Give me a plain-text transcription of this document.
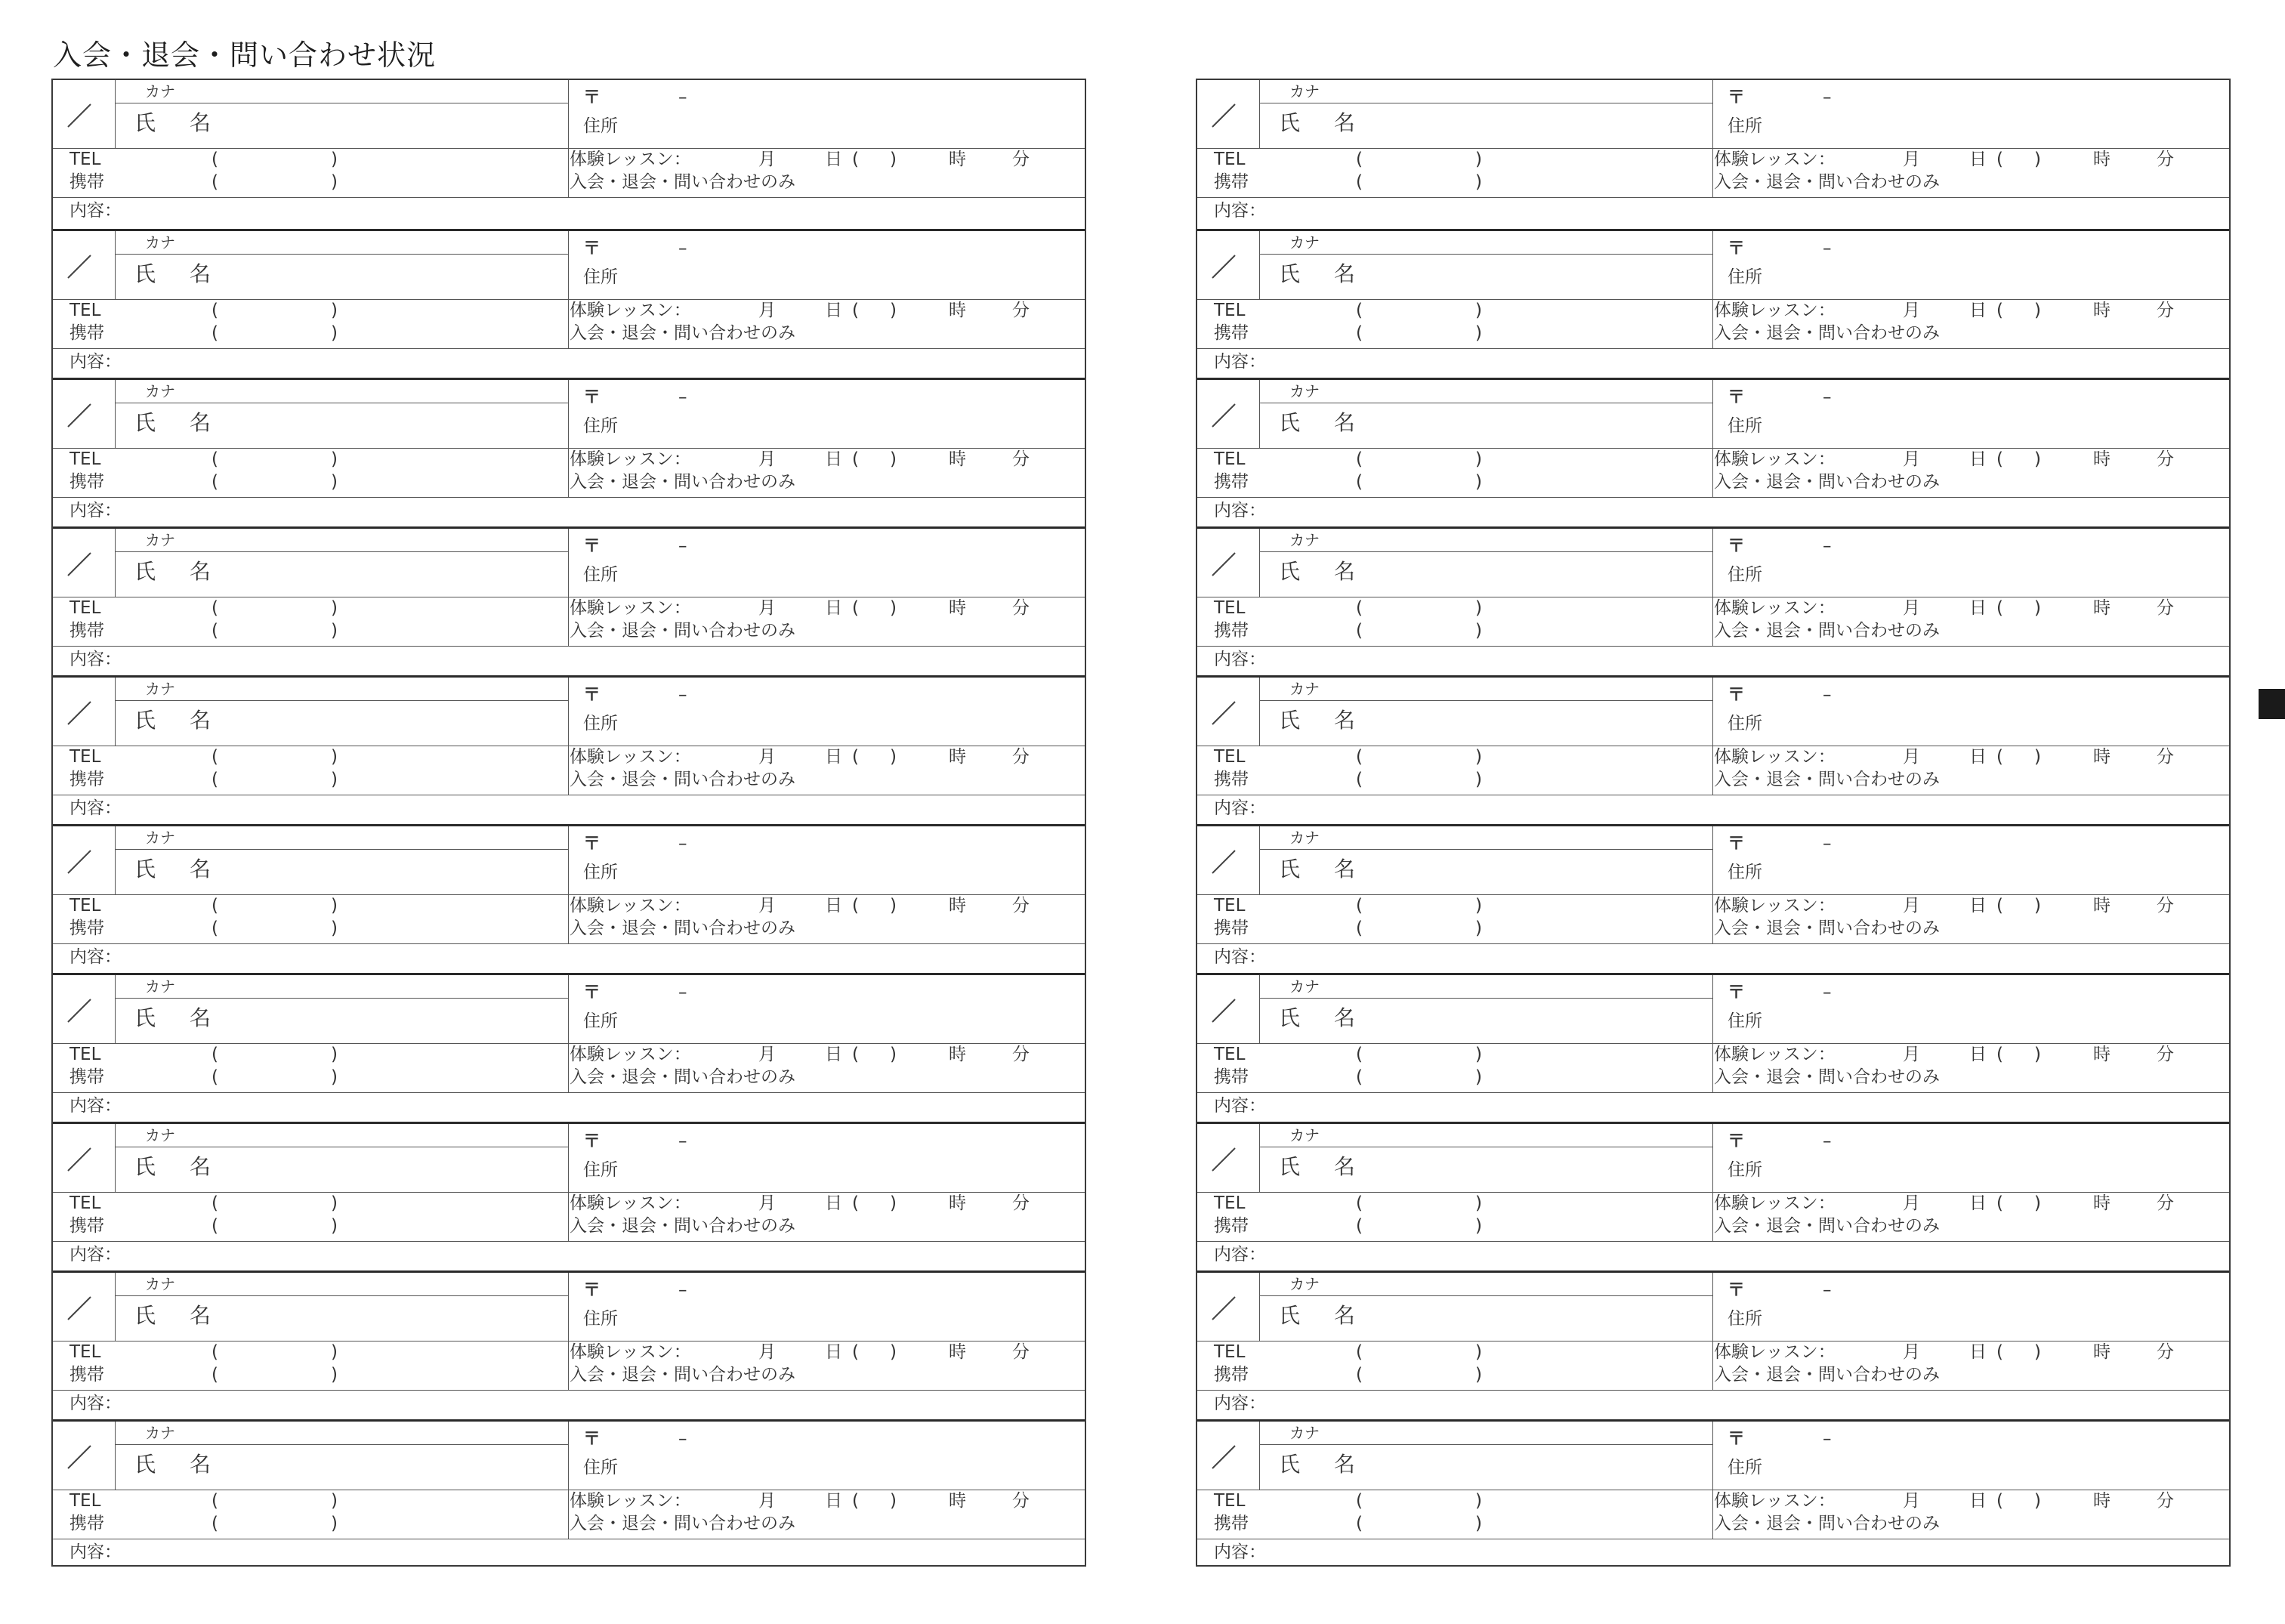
入会・退会・問い合わせ状況
カナ
氏 名
〒	–
住所
TEL	(	)
携帯	(	)
体験レッスン：	月	日 ( )	時	分
入会・退会・問い合わせのみ
内容：
カナ
氏 名
〒	–
住所
TEL	(	)
携帯	(	)
体験レッスン：	月	日 ( )	時	分
入会・退会・問い合わせのみ
内容：
カナ
氏 名
〒	–
住所
TEL	(	)
携帯	(	)
体験レッスン：	月	日 ( )	時	分
入会・退会・問い合わせのみ
内容：
カナ
氏 名
〒	–
住所
TEL	(	)
携帯	(	)
体験レッスン：	月	日 ( )	時	分
入会・退会・問い合わせのみ
内容：
カナ
氏 名
〒	–
住所
TEL	(	)
携帯	(	)
体験レッスン：	月	日 ( )	時	分
入会・退会・問い合わせのみ
内容：
カナ
氏 名
〒	–
住所
TEL	(	)
携帯	(	)
体験レッスン：	月	日 ( )	時	分
入会・退会・問い合わせのみ
内容：
カナ
氏 名
〒	–
住所
TEL	(	)
携帯	(	)
体験レッスン：	月	日 ( )	時	分
入会・退会・問い合わせのみ
内容：
カナ
氏 名
〒	–
住所
TEL	(	)
携帯	(	)
体験レッスン：	月	日 ( )	時	分
入会・退会・問い合わせのみ
内容：
カナ
氏 名
〒	–
住所
TEL	(	)
携帯	(	)
体験レッスン：	月	日 ( )	時	分
入会・退会・問い合わせのみ
内容：
カナ
氏 名
〒	–
住所
TEL	(	)
携帯	(	)
体験レッスン：	月	日 ( )	時	分
入会・退会・問い合わせのみ
内容：
カナ
氏 名
〒	–
住所
TEL	(	)
携帯	(	)
体験レッスン：	月	日 ( )	時	分
入会・退会・問い合わせのみ
内容：
カナ
氏 名
〒	–
住所
TEL	(	)
携帯	(	)
体験レッスン：	月	日 ( )	時	分
入会・退会・問い合わせのみ
内容：
カナ
氏 名
〒	–
住所
TEL	(	)
携帯	(	)
体験レッスン：	月	日 ( )	時	分
入会・退会・問い合わせのみ
内容：
カナ
氏 名
〒	–
住所
TEL	(	)
携帯	(	)
体験レッスン：	月	日 ( )	時	分
入会・退会・問い合わせのみ
内容：
カナ
氏 名
〒	–
住所
TEL	(	)
携帯	(	)
体験レッスン：	月	日 ( )	時	分
入会・退会・問い合わせのみ
内容：
カナ
氏 名
〒	–
住所
TEL	(	)
携帯	(	)
体験レッスン：	月	日 ( )	時	分
入会・退会・問い合わせのみ
内容：
カナ
氏 名
〒	–
住所
TEL	(	)
携帯	(	)
体験レッスン：	月	日 ( )	時	分
入会・退会・問い合わせのみ
内容：
カナ
氏 名
〒	–
住所
TEL	(	)
携帯	(	)
体験レッスン：	月	日 ( )	時	分
入会・退会・問い合わせのみ
内容：
カナ
氏 名
〒	–
住所
TEL	(	)
携帯	(	)
体験レッスン：	月	日 ( )	時	分
入会・退会・問い合わせのみ
内容：
カナ
氏 名
〒	–
住所
TEL	(	)
携帯	(	)
体験レッスン：	月	日 ( )	時	分
入会・退会・問い合わせのみ
内容：
